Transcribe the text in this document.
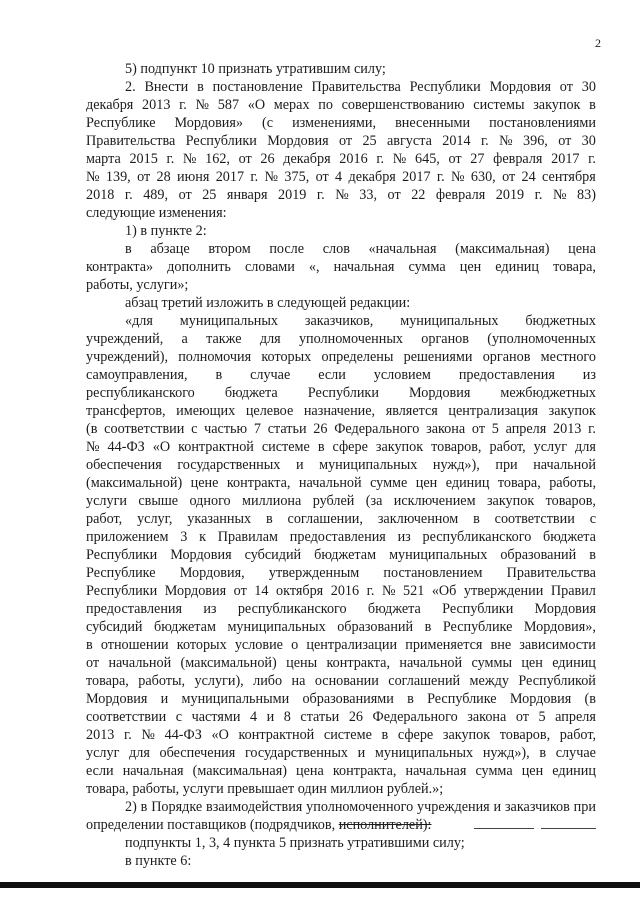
2
5) подпункт 10 признать утратившим силу;
2. Внести в постановление Правительства Республики Мордовия от 30
декабря 2013 г. № 587 «О мерах по совершенствованию системы закупок в
Республике Мордовия» (с изменениями, внесенными постановлениями
Правительства Республики Мордовия от 25 августа 2014 г. № 396, от 30
марта 2015 г. № 162, от 26 декабря 2016 г. № 645, от 27 февраля 2017 г.
№ 139, от 28 июня 2017 г. № 375, от 4 декабря 2017 г. № 630, от 24 сентября
2018 г. 489, от 25 января 2019 г. № 33, от 22 февраля 2019 г. № 83)
следующие изменения:
1) в пункте 2:
в абзаце втором после слов «начальная (максимальная) цена
контракта» дополнить словами «, начальная сумма цен единиц товара,
работы, услуги»;
абзац третий изложить в следующей редакции:
«для муниципальных заказчиков, муниципальных бюджетных
учреждений, а также для уполномоченных органов (уполномоченных
учреждений), полномочия которых определены решениями органов местного
самоуправления, в случае если условием предоставления из
республиканского бюджета Республики Мордовия межбюджетных
трансфертов, имеющих целевое назначение, является централизация закупок
(в соответствии с частью 7 статьи 26 Федерального закона от 5 апреля 2013 г.
№ 44-ФЗ «О контрактной системе в сфере закупок товаров, работ, услуг для
обеспечения государственных и муниципальных нужд»), при начальной
(максимальной) цене контракта, начальной сумме цен единиц товара, работы,
услуги свыше одного миллиона рублей (за исключением закупок товаров,
работ, услуг, указанных в соглашении, заключенном в соответствии с
приложением 3 к Правилам предоставления из республиканского бюджета
Республики Мордовия субсидий бюджетам муниципальных образований в
Республике Мордовия, утвержденным постановлением Правительства
Республики Мордовия от 14 октября 2016 г. № 521 «Об утверждении Правил
предоставления из республиканского бюджета Республики Мордовия
субсидий бюджетам муниципальных образований в Республике Мордовия»,
в отношении которых условие о централизации применяется вне зависимости
от начальной (максимальной) цены контракта, начальной суммы цен единиц
товара, работы, услуги), либо на основании соглашений между Республикой
Мордовия и муниципальными образованиями в Республике Мордовия (в
соответствии с частями 4 и 8 статьи 26 Федерального закона от 5 апреля
2013 г. № 44-ФЗ «О контрактной системе в сфере закупок товаров, работ,
услуг для обеспечения государственных и муниципальных нужд»), в случае
если начальная (максимальная) цена контракта, начальная сумма цен единиц
товара, работы, услуги превышает один миллион рублей.»;
2) в Порядке взаимодействия уполномоченного учреждения и заказчиков при
определении поставщиков (подрядчиков, исполнителей):
подпункты 1, 3, 4 пункта 5 признать утратившими силу;
в пункте 6:
